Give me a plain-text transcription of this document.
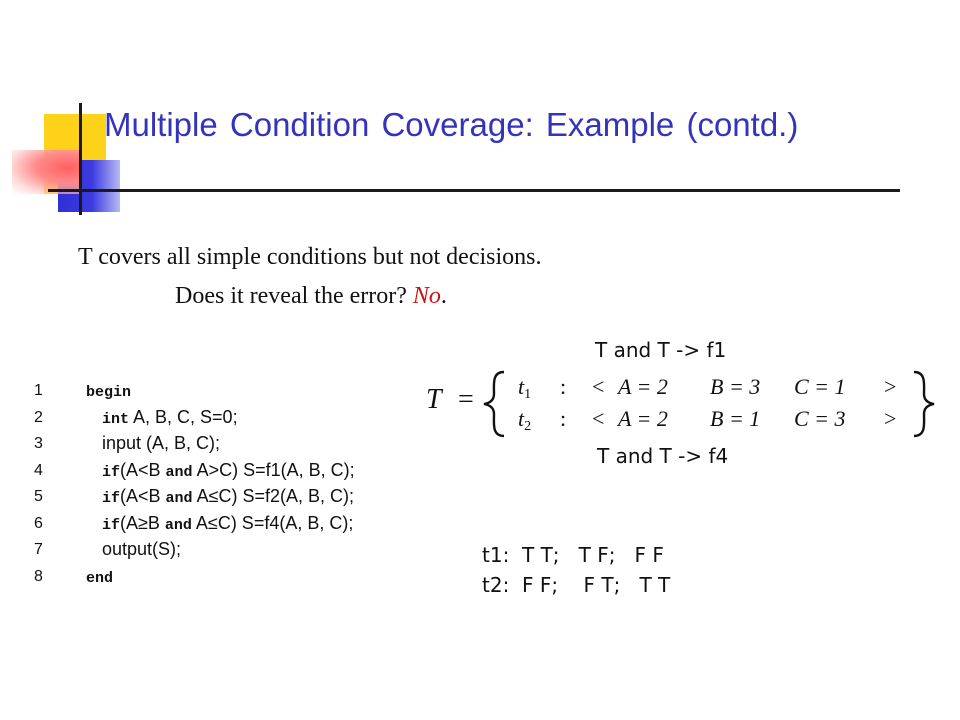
Multiple Condition Coverage: Example (contd.)
T covers all simple conditions but not decisions.
Does it reveal the error? No.
T and T -> f1
T and T -> f4
1	begin
2	int A, B, C, S=0;
3	input (A, B, C);
4	if(A<B and A>C) S=f1(A, B, C);
5	if(A<B and A≤C) S=f2(A, B, C);
6	if(A≥B and A≤C) S=f4(A, B, C);
7	output(S);
8	end
$T = t_1$ : < A = 2 B = 3 C = 1 >
$t_2$ : < A = 2 B = 1 C = 3 >
t1:  T T;   T F;   F F
t2:  F F;    F T;   T T
